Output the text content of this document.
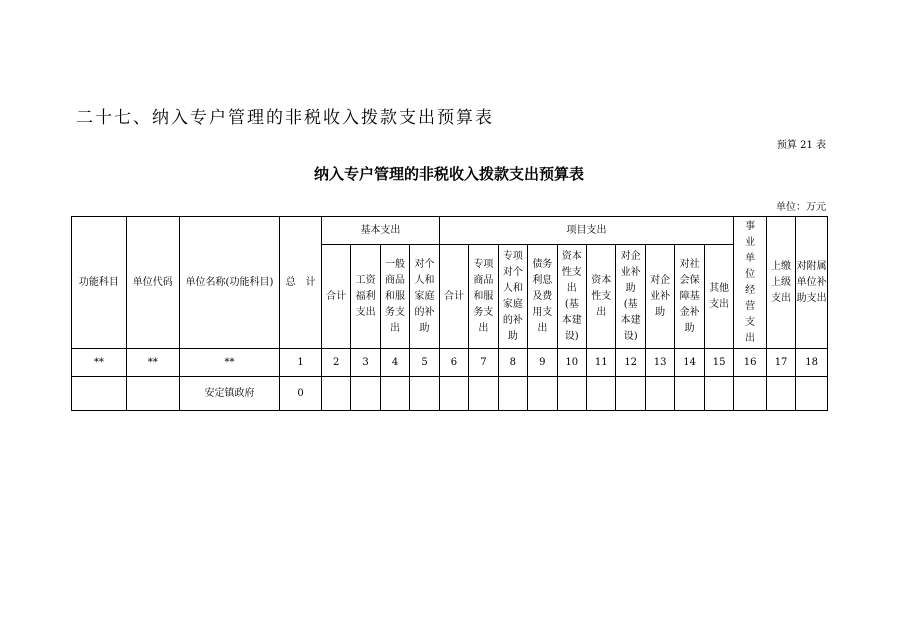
二十七、纳入专户管理的非税收入拨款支出预算表
预算 21 表
纳入专户管理的非税收入拨款支出预算表
单位：万元
功能科目	单位代码	单位名称(功能科目)	总　计	基本支出				项目支出										事业单位经营支出	上缴上级支出	对附属单位补助支出
				合计	工资福利支出	一般商品和服务支出	对个人和家庭的补助	合计	专项商品和服务支出	专项对个人和家庭的补助	债务利息及费用支出	资本性支出(基本建设)	资本性支出	对企业补助(基本建设)	对企业补助	对社会保障基金补助	其他支出			
**	**	**	1	2	3	4	5	6	7	8	9	10	11	12	13	14	15	16	17	18
		安定镇政府	0																	
